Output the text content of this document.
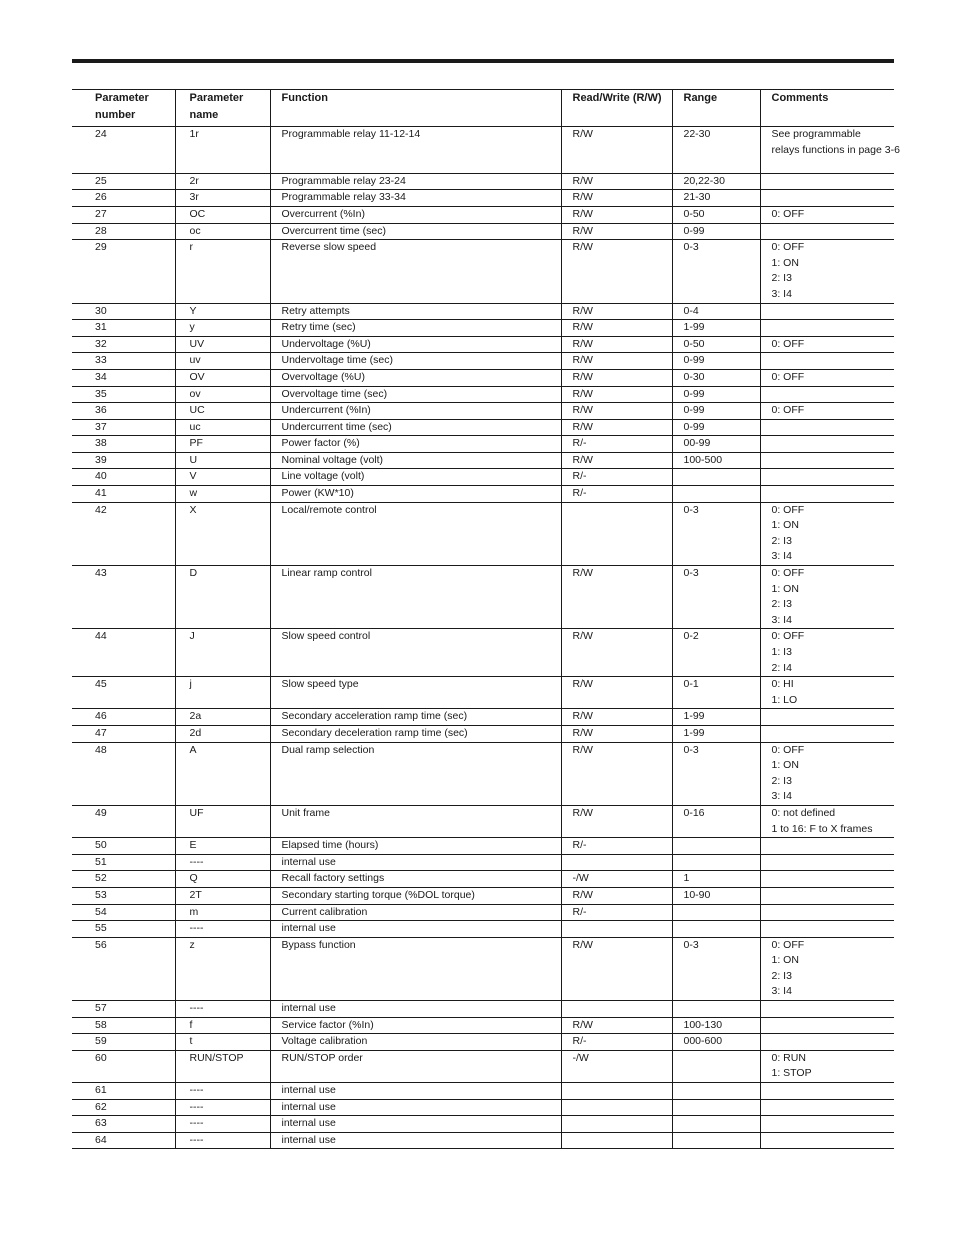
Parameter number	Parameter name	Function	Read/Write (R/W)	Range	Comments
24	1r	Programmable relay 11-12-14	R/W	22-30	See programmable
relays functions in page 3-6

25	2r	Programmable relay 23-24	R/W	20,22-30	
26	3r	Programmable relay 33-34	R/W	21-30	
27	OC	Overcurrent (%In)	R/W	0-50	0: OFF

28	oc	Overcurrent time (sec)	R/W	0-99	
29	r	Reverse slow speed	R/W	0-3	0: OFF
1: ON
2: I3
3: I4

30	Y	Retry attempts	R/W	0-4	
31	y	Retry time (sec)	R/W	1-99	
32	UV	Undervoltage (%U)	R/W	0-50	0: OFF

33	uv	Undervoltage time (sec)	R/W	0-99	
34	OV	Overvoltage (%U)	R/W	0-30	0: OFF

35	ov	Overvoltage time (sec)	R/W	0-99	
36	UC	Undercurrent (%In)	R/W	0-99	0: OFF

37	uc	Undercurrent time (sec)	R/W	0-99	
38	PF	Power factor (%)	R/-	00-99	
39	U	Nominal voltage (volt)	R/W	100-500	
40	V	Line voltage (volt)	R/-		
41	w	Power (KW*10)	R/-		
42	X	Local/remote control		0-3	0: OFF
1: ON
2: I3
3: I4

43	D	Linear ramp control	R/W	0-3	0: OFF
1: ON
2: I3
3: I4

44	J	Slow speed control	R/W	0-2	0: OFF
1: I3
2: I4

45	j	Slow speed type	R/W	0-1	0: HI
1: LO

46	2a	Secondary acceleration ramp time (sec)	R/W	1-99	
47	2d	Secondary deceleration ramp time (sec)	R/W	1-99	
48	A	Dual ramp selection	R/W	0-3	0: OFF
1: ON
2: I3
3: I4

49	UF	Unit frame	R/W	0-16	0: not defined
1 to 16: F to X frames

50	E	Elapsed time (hours)	R/-		
51	----	internal use			
52	Q	Recall factory settings	-/W	1	
53	2T	Secondary starting torque (%DOL torque)	R/W	10-90	
54	m	Current calibration	R/-		
55	----	internal use			
56	z	Bypass function	R/W	0-3	0: OFF
1: ON
2: I3
3: I4

57	----	internal use			
58	f	Service factor (%In)	R/W	100-130	
59	t	Voltage calibration	R/-	000-600	
60	RUN/STOP	RUN/STOP order	-/W		0: RUN
1: STOP

61	----	internal use			
62	----	internal use			
63	----	internal use			
64	----	internal use			
